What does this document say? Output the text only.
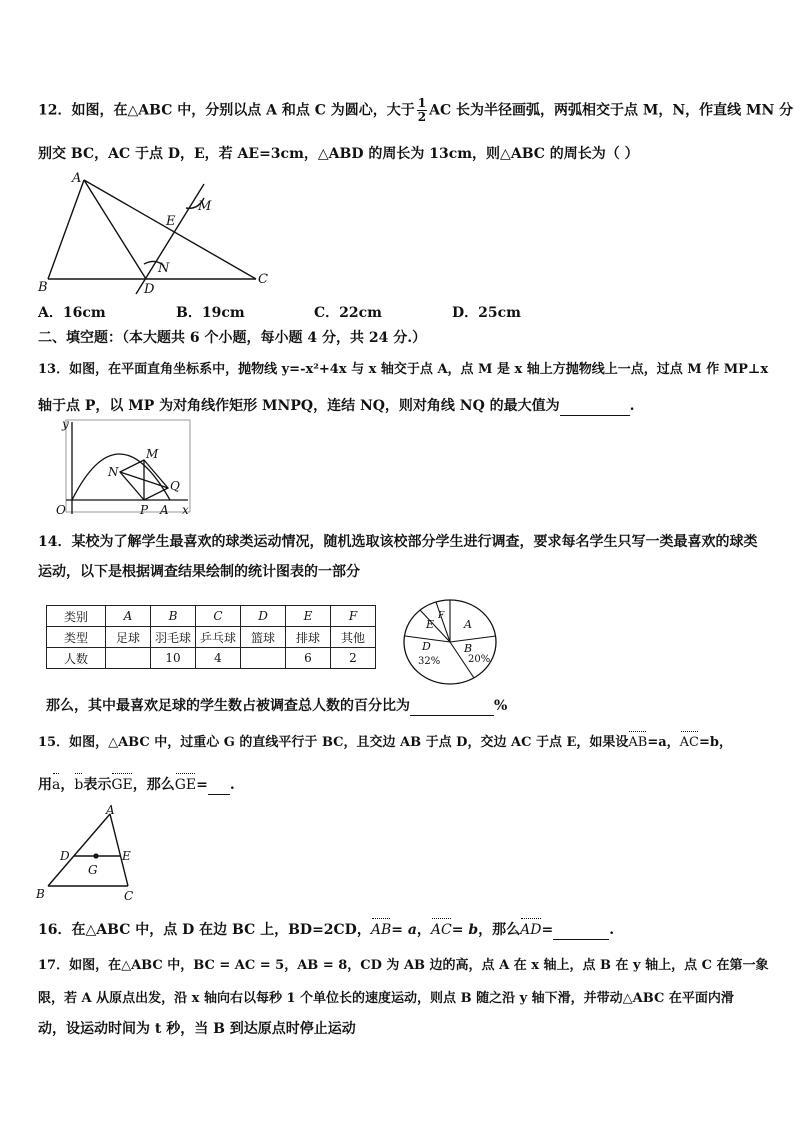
12．如图，在△ABC 中，分别以点 A 和点 C 为圆心，大于 $\frac{1}{2}$ AC 长为半径画弧，两弧相交于点 M，N，作直线 MN 分
别交 BC，AC 于点 D，E，若 AE=3cm，△ABD 的周长为 13cm，则△ABC 的周长为（ ）
A
B
C
D
E
M
N
A．16cm	B．19cm	C．22cm	D．25cm
二、填空题：（本大题共 6 个小题，每小题 4 分，共 24 分.）
13．如图，在平面直角坐标系中，抛物线 y=-x²+4x 与 x 轴交于点 A，点 M 是 x 轴上方抛物线上一点，过点 M 作 MP⊥x
轴于点 P，以 MP 为对角线作矩形 MNPQ，连结 NQ，则对角线 NQ 的最大值为	.
y
x
O
M
N
Q
P A
14．某校为了解学生最喜欢的球类运动情况，随机选取该校部分学生进行调查，要求每名学生只写一类最喜欢的球类
运动，以下是根据调查结果绘制的统计图表的一部分
类别	A	B	C	D	E	F
类型	足球	羽毛球	乒乓球	篮球	排球	其他
人数		10	4		6	2
A
B
20%
D
32%
E
F
那么，其中最喜欢足球的学生数占被调查总人数的百分比为	%
15．如图，△ABC 中，过重心 G 的直线平行于 BC，且交边 AB 于点 D，交边 AC 于点 E，如果设AB=a，AC=b，
用a，b表示GE，那么GE= .
A
B	C
D	E
G
16．在△ABC 中，点 D 在边 BC 上，BD=2CD，AB= a，AC= b，那么AD=	.
17．如图，在△ABC 中，BC = AC = 5，AB = 8，CD 为 AB 边的高，点 A 在 x 轴上，点 B 在 y 轴上，点 C 在第一象
限，若 A 从原点出发，沿 x 轴向右以每秒 1 个单位长的速度运动，则点 B 随之沿 y 轴下滑，并带动△ABC 在平面内滑
动，设运动时间为 t 秒，当 B 到达原点时停止运动
